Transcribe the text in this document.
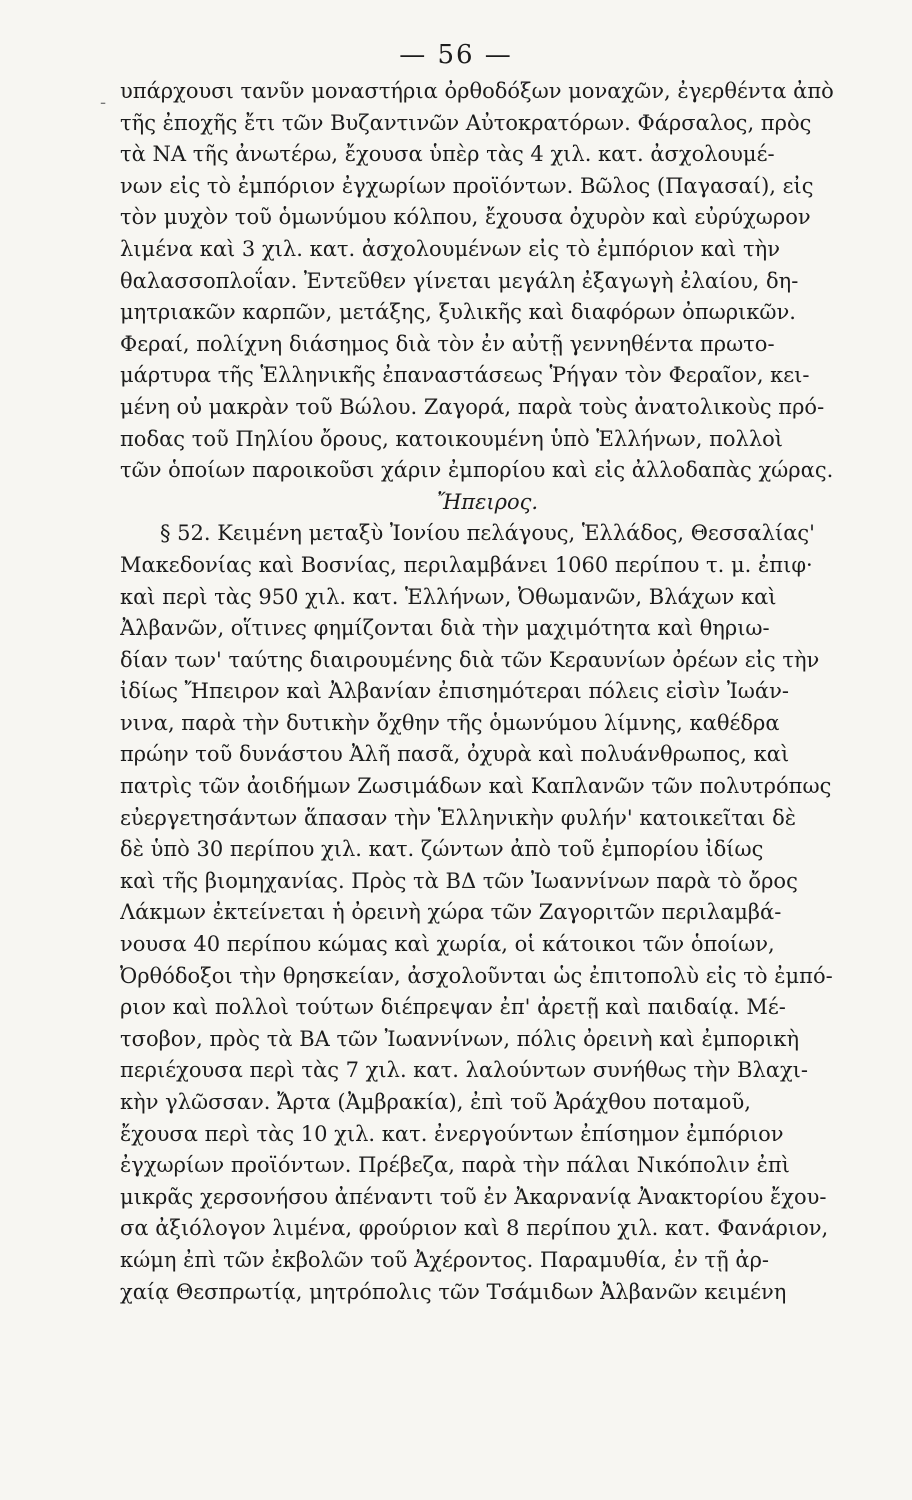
— 56 —
- υπάρχουσι τανῦν μοναστήρια ὀρθοδόξων μοναχῶν, ἐγερθέντα ἀπὸ
τῆς ἐποχῆς ἔτι τῶν Βυζαντινῶν Αὐτοκρατόρων. Φάρσαλος, πρὸς
τὰ ΝΑ τῆς ἀνωτέρω, ἔχουσα ὑπὲρ τὰς 4 χιλ. κατ. ἀσχολουμέ-
νων εἰς τὸ ἐμπόριον ἐγχωρίων προϊόντων. Βῶλος (Παγασαί), εἰς
τὸν μυχὸν τοῦ ὁμωνύμου κόλπου, ἔχουσα ὀχυρὸν καὶ εὐρύχωρον
λιμένα καὶ 3 χιλ. κατ. ἀσχολουμένων εἰς τὸ ἐμπόριον καὶ τὴν
θαλασσοπλοΐαν. Ἐντεῦθεν γίνεται μεγάλη ἐξαγωγὴ ἐλαίου, δη-
μητριακῶν καρπῶν, μετάξης, ξυλικῆς καὶ διαφόρων ὀπωρικῶν.
Φεραί, πολίχνη διάσημος διὰ τὸν ἐν αὐτῇ γεννηθέντα πρωτο-
μάρτυρα τῆς Ἑλληνικῆς ἐπαναστάσεως Ῥήγαν τὸν Φεραῖον, κει-
μένη οὐ μακρὰν τοῦ Βώλου. Ζαγορά, παρὰ τοὺς ἀνατολικοὺς πρό-
ποδας τοῦ Πηλίου ὄρους, κατοικουμένη ὑπὸ Ἑλλήνων, πολλοὶ
τῶν ὁποίων παροικοῦσι χάριν ἐμπορίου καὶ εἰς ἀλλοδαπὰς χώρας.
Ἤπειρος.
§ 52. Κειμένη μεταξὺ Ἰονίου πελάγους, Ἑλλάδος, Θεσσαλίας'
Μακεδονίας καὶ Βοσνίας, περιλαμβάνει 1060 περίπου τ. μ. ἐπιφ·
καὶ περὶ τὰς 950 χιλ. κατ. Ἑλλήνων, Ὀθωμανῶν, Βλάχων καὶ
Ἀλβανῶν, οἵτινες φημίζονται διὰ τὴν μαχιμότητα καὶ θηριω-
δίαν των' ταύτης διαιρουμένης διὰ τῶν Κεραυνίων ὀρέων εἰς τὴν
ἰδίως Ἤπειρον καὶ Ἀλβανίαν ἐπισημότεραι πόλεις εἰσὶν Ἰωάν-
νινα, παρὰ τὴν δυτικὴν ὄχθην τῆς ὁμωνύμου λίμνης, καθέδρα
πρώην τοῦ δυνάστου Ἀλῆ πασᾶ, ὀχυρὰ καὶ πολυάνθρωπος, καὶ
πατρὶς τῶν ἀοιδήμων Ζωσιμάδων καὶ Καπλανῶν τῶν πολυτρόπως
εὐεργετησάντων ἅπασαν τὴν Ἑλληνικὴν φυλήν' κατοικεῖται δὲ
δὲ ὑπὸ 30 περίπου χιλ. κατ. ζώντων ἀπὸ τοῦ ἐμπορίου ἰδίως
καὶ τῆς βιομηχανίας. Πρὸς τὰ ΒΔ τῶν Ἰωαννίνων παρὰ τὸ ὄρος
Λάκμων ἐκτείνεται ἡ ὀρεινὴ χώρα τῶν Ζαγοριτῶν περιλαμβά-
νουσα 40 περίπου κώμας καὶ χωρία, οἱ κάτοικοι τῶν ὁποίων,
Ὀρθόδοξοι τὴν θρησκείαν, ἀσχολοῦνται ὡς ἐπιτοπολὺ εἰς τὸ ἐμπό-
ριον καὶ πολλοὶ τούτων διέπρεψαν ἐπ' ἀρετῇ καὶ παιδαίᾳ. Μέ-
τσοβον, πρὸς τὰ ΒΑ τῶν Ἰωαννίνων, πόλις ὀρεινὴ καὶ ἐμπορικὴ
περιέχουσα περὶ τὰς 7 χιλ. κατ. λαλούντων συνήθως τὴν Βλαχι-
κὴν γλῶσσαν. Ἄρτα (Ἀμβρακία), ἐπὶ τοῦ Ἀράχθου ποταμοῦ,
ἔχουσα περὶ τὰς 10 χιλ. κατ. ἐνεργούντων ἐπίσημον ἐμπόριον
ἐγχωρίων προϊόντων. Πρέβεζα, παρὰ τὴν πάλαι Νικόπολιν ἐπὶ
μικρᾶς χερσονήσου ἀπέναντι τοῦ ἐν Ἀκαρνανίᾳ Ἀνακτορίου ἔχου-
σα ἀξιόλογον λιμένα, φρούριον καὶ 8 περίπου χιλ. κατ. Φανάριον,
κώμη ἐπὶ τῶν ἐκβολῶν τοῦ Ἀχέροντος. Παραμυθία, ἐν τῇ ἀρ-
χαίᾳ Θεσπρωτίᾳ, μητρόπολις τῶν Τσάμιδων Ἀλβανῶν κειμένη
